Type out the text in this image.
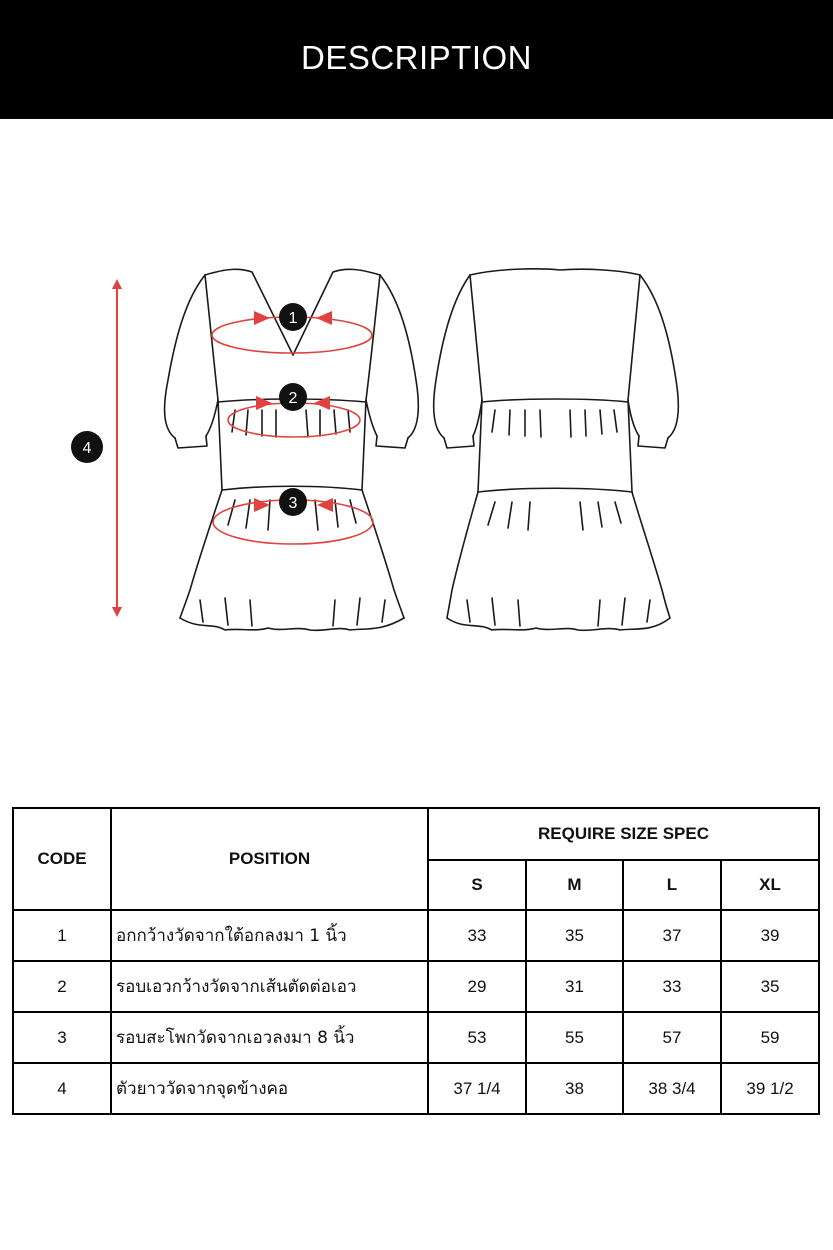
DESCRIPTION
1
2
3
4
CODE	POSITION	REQUIRE SIZE SPEC			
		S	M	L	XL
1	อกกว้างวัดจากใต้อกลงมา 1 นิ้ว	33	35	37	39
2	รอบเอวกว้างวัดจากเส้นตัดต่อเอว	29	31	33	35
3	รอบสะโพกวัดจากเอวลงมา 8 นิ้ว	53	55	57	59
4	ตัวยาววัดจากจุดข้างคอ	37 1/4	38	38 3/4	39 1/2
